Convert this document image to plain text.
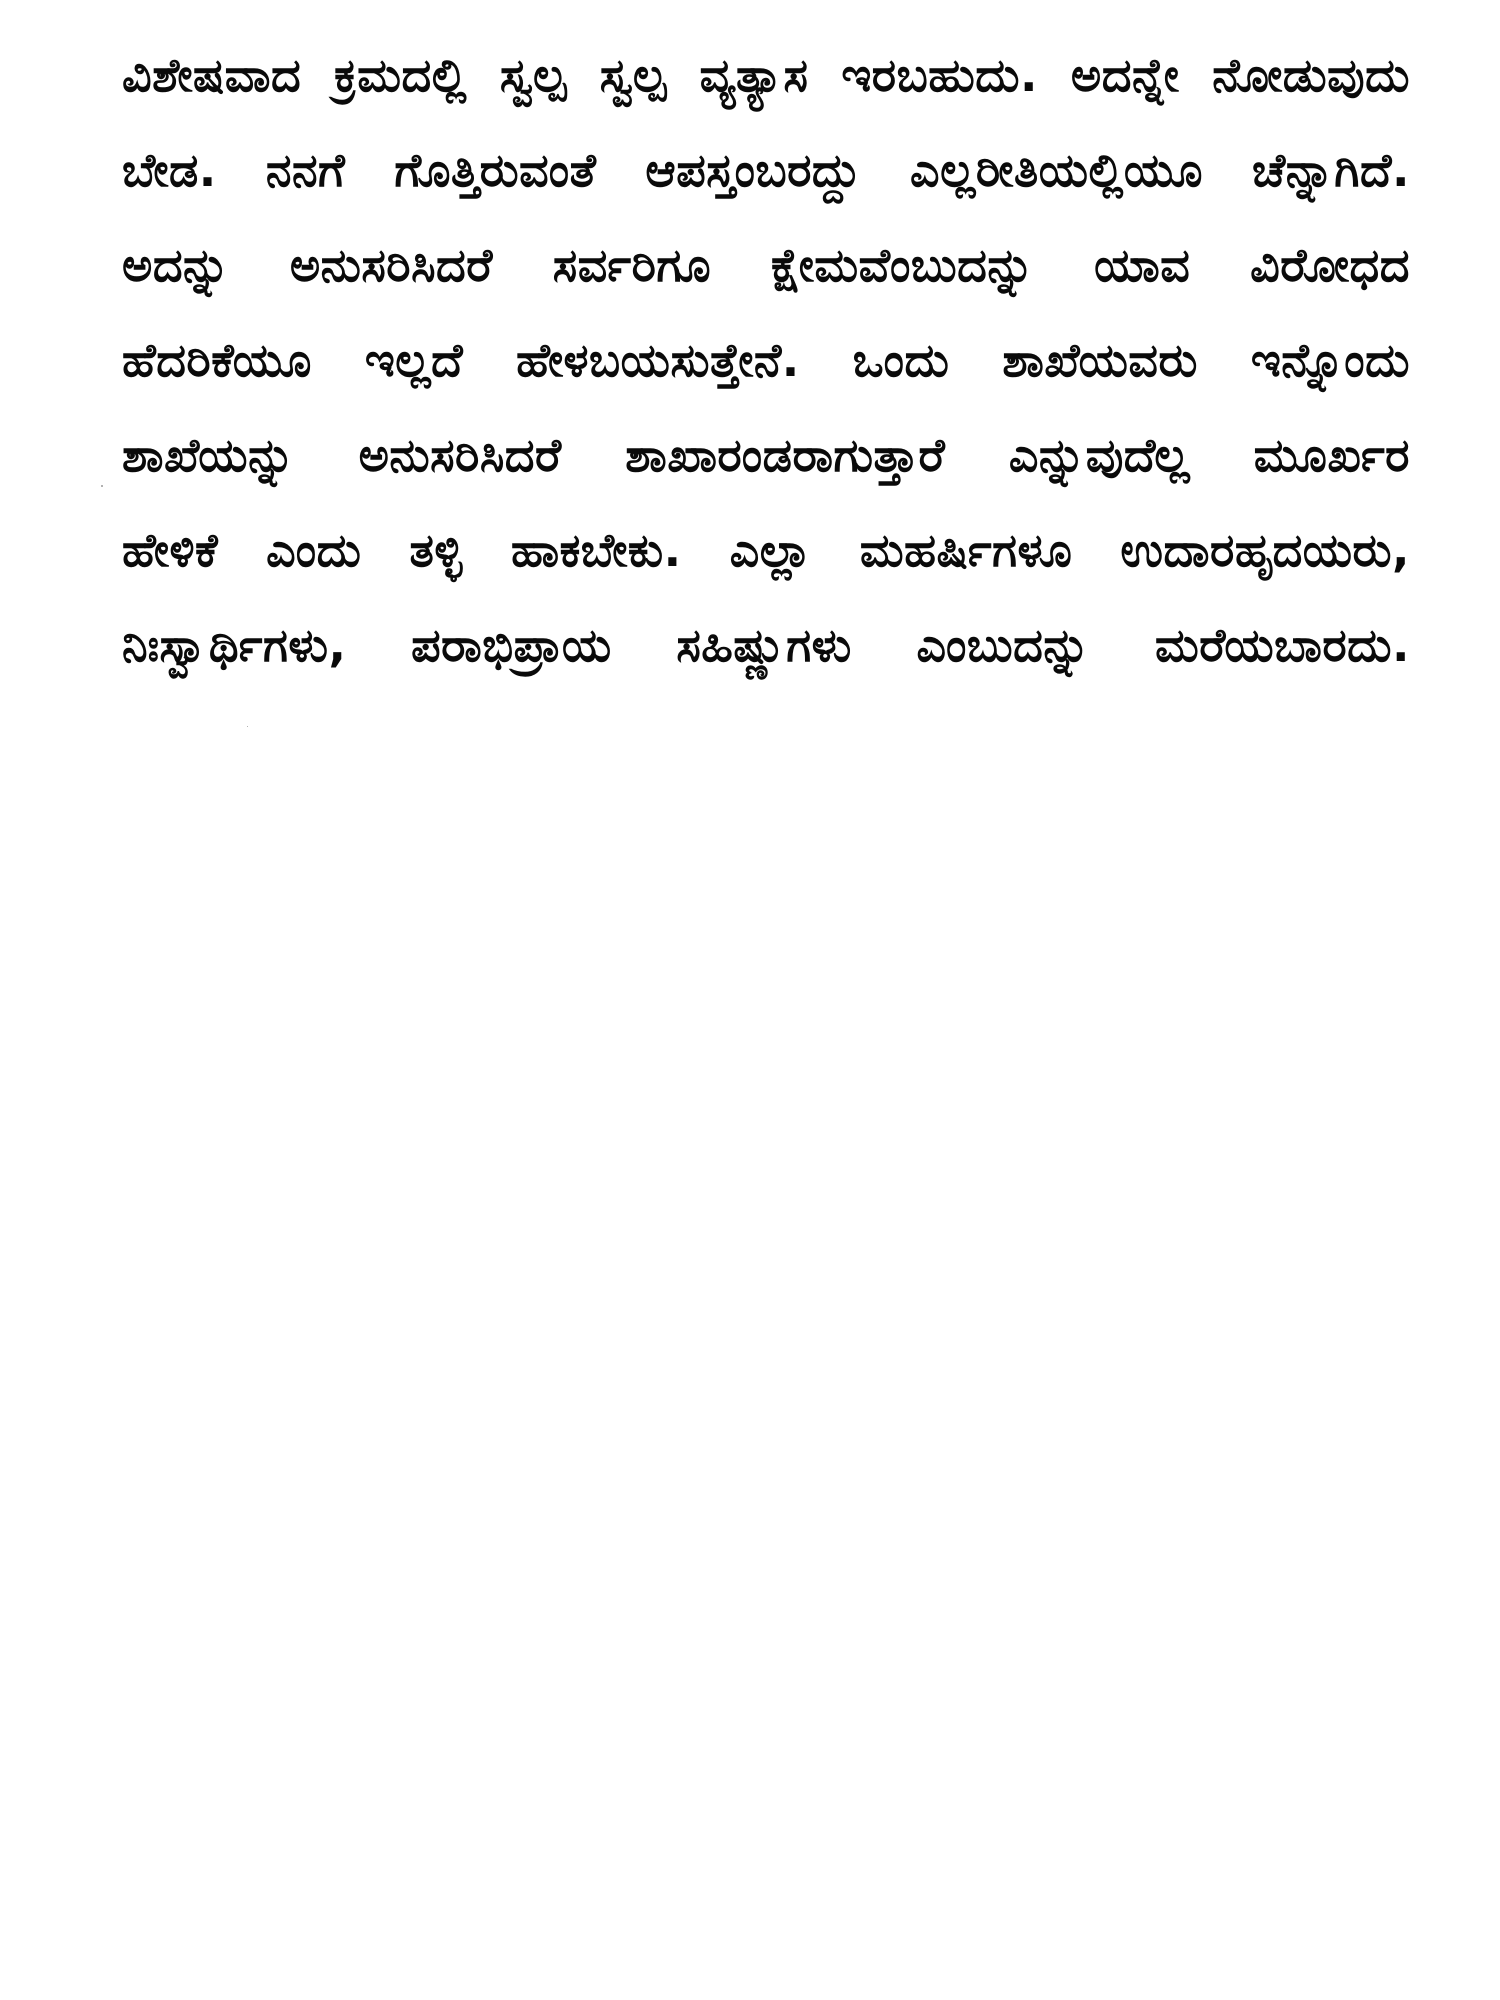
ವಿಶೇಷವಾದ ಕ್ರಮದಲ್ಲಿ ಸ್ವಲ್ಪ ಸ್ವಲ್ಪ ವ್ಯತ್ಯಾಸ ಇರಬಹುದು. ಅದನ್ನೇ ನೋಡುವುದು
ಬೇಡ. ನನಗೆ ಗೊತ್ತಿರುವಂತೆ ಆಪಸ್ತಂಬರದ್ದು ಎಲ್ಲರೀತಿಯಲ್ಲಿಯೂ ಚೆನ್ನಾಗಿದೆ.
ಅದನ್ನು ಅನುಸರಿಸಿದರೆ ಸರ್ವರಿಗೂ ಕ್ಷೇಮವೆಂಬುದನ್ನು ಯಾವ ವಿರೋಧದ
ಹೆದರಿಕೆಯೂ ಇಲ್ಲದೆ ಹೇಳಬಯಸುತ್ತೇನೆ. ಒಂದು ಶಾಖೆಯವರು ಇನ್ನೊಂದು
ಶಾಖೆಯನ್ನು ಅನುಸರಿಸಿದರೆ ಶಾಖಾರಂಡರಾಗುತ್ತಾರೆ ಎನ್ನುವುದೆಲ್ಲ ಮೂರ್ಖರ
ಹೇಳಿಕೆ ಎಂದು ತಳ್ಳಿ ಹಾಕಬೇಕು. ಎಲ್ಲಾ ಮಹರ್ಷಿಗಳೂ ಉದಾರಹೃದಯರು,
ನಿಃಸ್ವಾರ್ಥಿಗಳು, ಪರಾಭಿಪ್ರಾಯ ಸಹಿಷ್ಣುಗಳು ಎಂಬುದನ್ನು ಮರೆಯಬಾರದು.
